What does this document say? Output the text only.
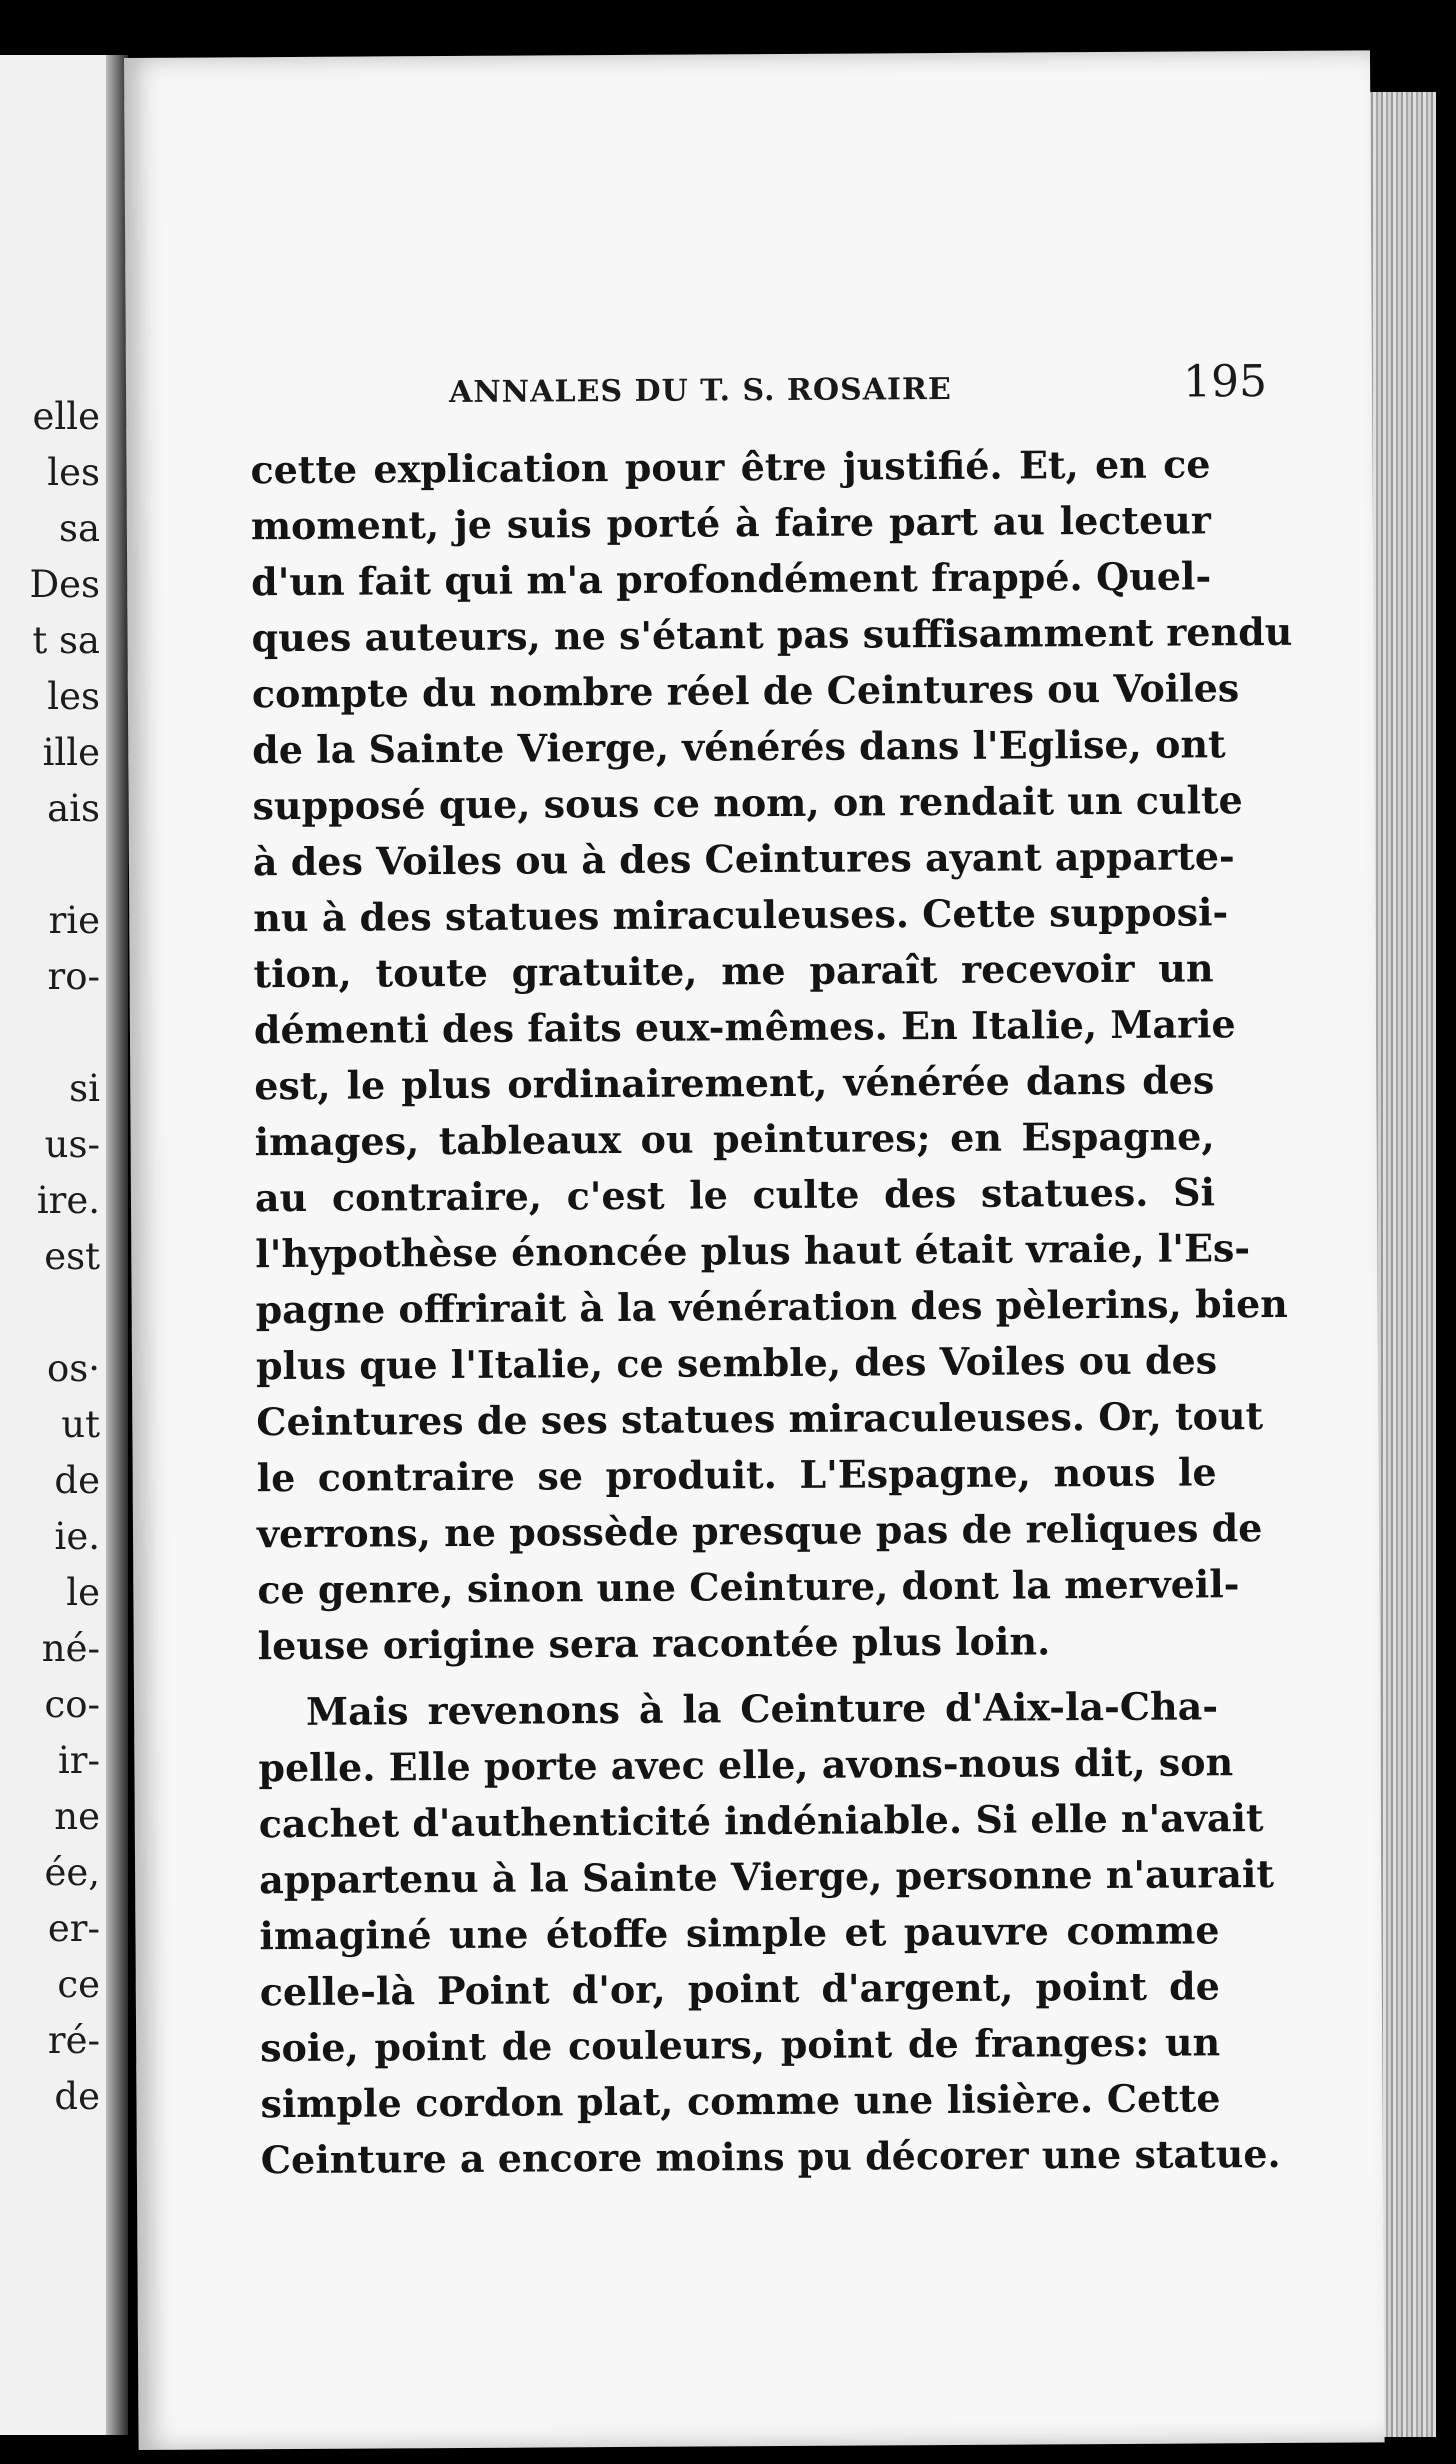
elle
les
sa
Des
t sa
les
ille
ais
rie
ro-
si
us-
ire.
est
os·
ut
de
ie.
le
né-
co-
ir-
ne
ée,
er-
ce
ré-
de
ANNALES DU T. S. ROSAIRE	195
cette explication pour être justifié. Et, en ce
moment, je suis porté à faire part au lecteur
d'un fait qui m'a profondément frappé. Quel-
ques auteurs, ne s'étant pas suffisamment rendu
compte du nombre réel de Ceintures ou Voiles
de la Sainte Vierge, vénérés dans l'Eglise, ont
supposé que, sous ce nom, on rendait un culte
à des Voiles ou à des Ceintures ayant apparte-
nu à des statues miraculeuses. Cette supposi-
tion, toute gratuite, me paraît recevoir un
démenti des faits eux-mêmes. En Italie, Marie
est, le plus ordinairement, vénérée dans des
images, tableaux ou peintures; en Espagne,
au contraire, c'est le culte des statues. Si
l'hypothèse énoncée plus haut était vraie, l'Es-
pagne offrirait à la vénération des pèlerins, bien
plus que l'Italie, ce semble, des Voiles ou des
Ceintures de ses statues miraculeuses. Or, tout
le contraire se produit. L'Espagne, nous le
verrons, ne possède presque pas de reliques de
ce genre, sinon une Ceinture, dont la merveil-
leuse origine sera racontée plus loin.
Mais revenons à la Ceinture d'Aix-la-Cha-
pelle. Elle porte avec elle, avons-nous dit, son
cachet d'authenticité indéniable. Si elle n'avait
appartenu à la Sainte Vierge, personne n'aurait
imaginé une étoffe simple et pauvre comme
celle-là Point d'or, point d'argent, point de
soie, point de couleurs, point de franges: un
simple cordon plat, comme une lisière. Cette
Ceinture a encore moins pu décorer une statue.
